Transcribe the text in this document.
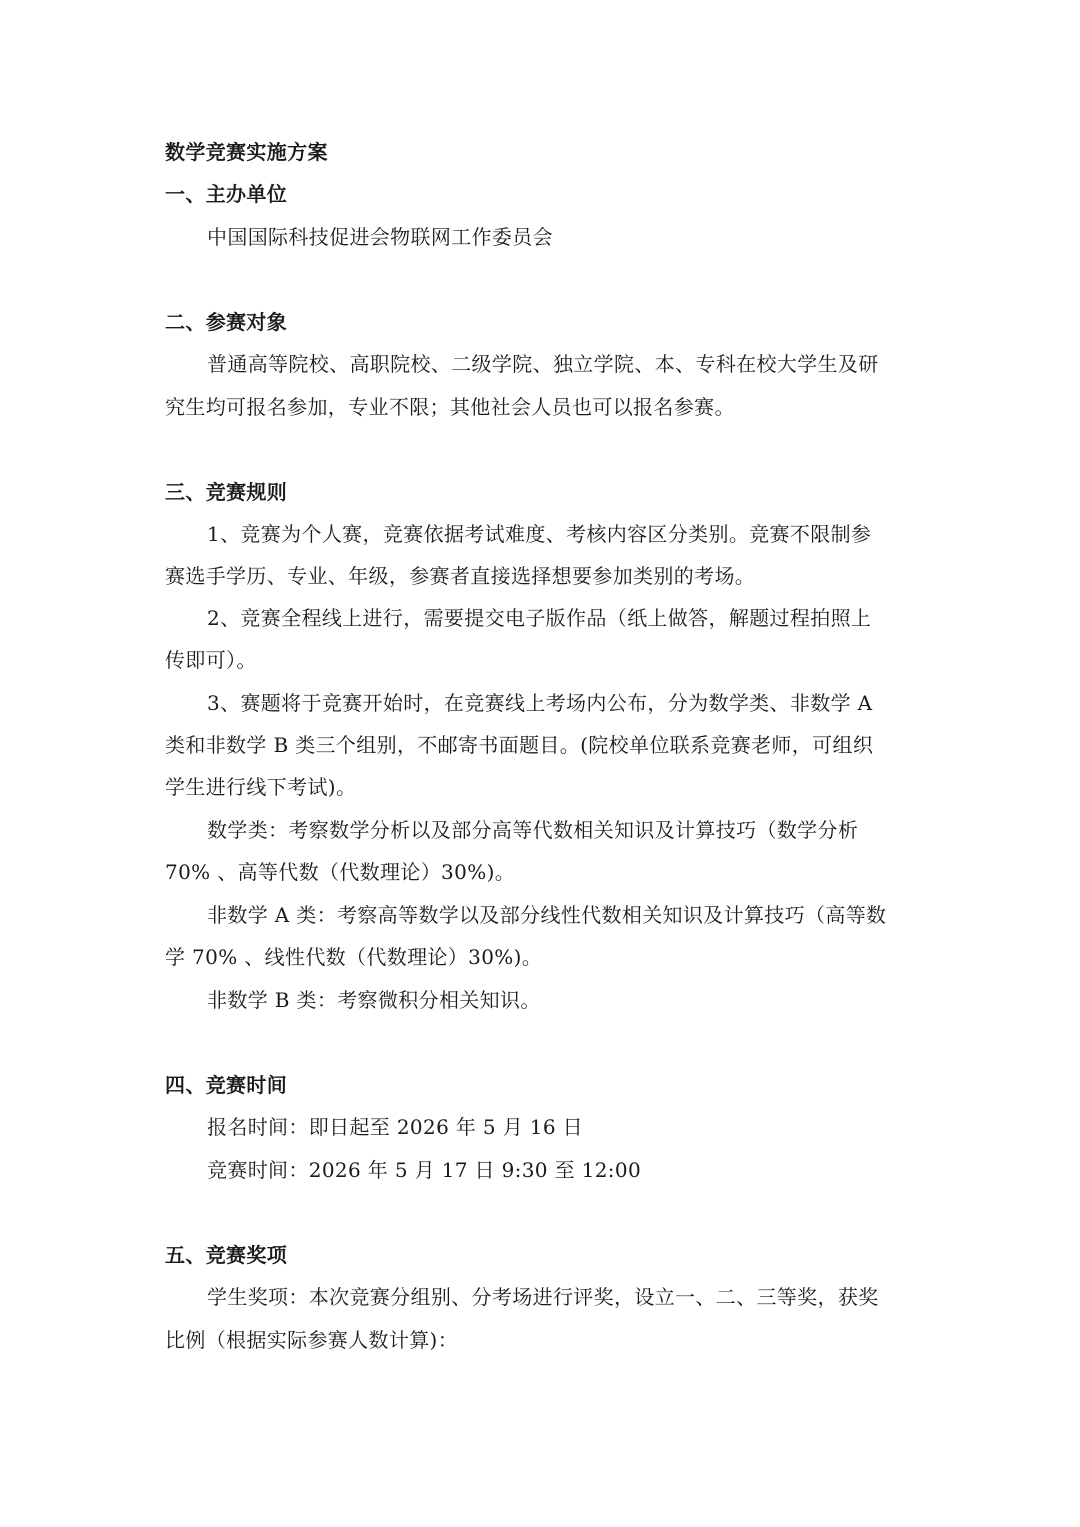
数学竞赛实施方案
一、主办单位
中国国际科技促进会物联网工作委员会
二、参赛对象
普通高等院校、高职院校、二级学院、独立学院、本、专科在校大学生及研
究生均可报名参加，专业不限；其他社会人员也可以报名参赛。
三、竞赛规则
1、竞赛为个人赛，竞赛依据考试难度、考核内容区分类别。竞赛不限制参
赛选手学历、专业、年级，参赛者直接选择想要参加类别的考场。
2、竞赛全程线上进行，需要提交电子版作品（纸上做答，解题过程拍照上
传即可）。
3、赛题将于竞赛开始时，在竞赛线上考场内公布，分为数学类、非数学 A
类和非数学 B 类三个组别，不邮寄书面题目。(院校单位联系竞赛老师，可组织
学生进行线下考试)。
数学类：考察数学分析以及部分高等代数相关知识及计算技巧（数学分析
70% 、高等代数（代数理论）30%)。
非数学 A 类：考察高等数学以及部分线性代数相关知识及计算技巧（高等数
学 70% 、线性代数（代数理论）30%)。
非数学 B 类：考察微积分相关知识。
四、竞赛时间
报名时间：即日起至 2026 年 5 月 16 日
竞赛时间：2026 年 5 月 17 日 9:30 至 12:00
五、竞赛奖项
学生奖项：本次竞赛分组别、分考场进行评奖，设立一、二、三等奖，获奖
比例（根据实际参赛人数计算)：
